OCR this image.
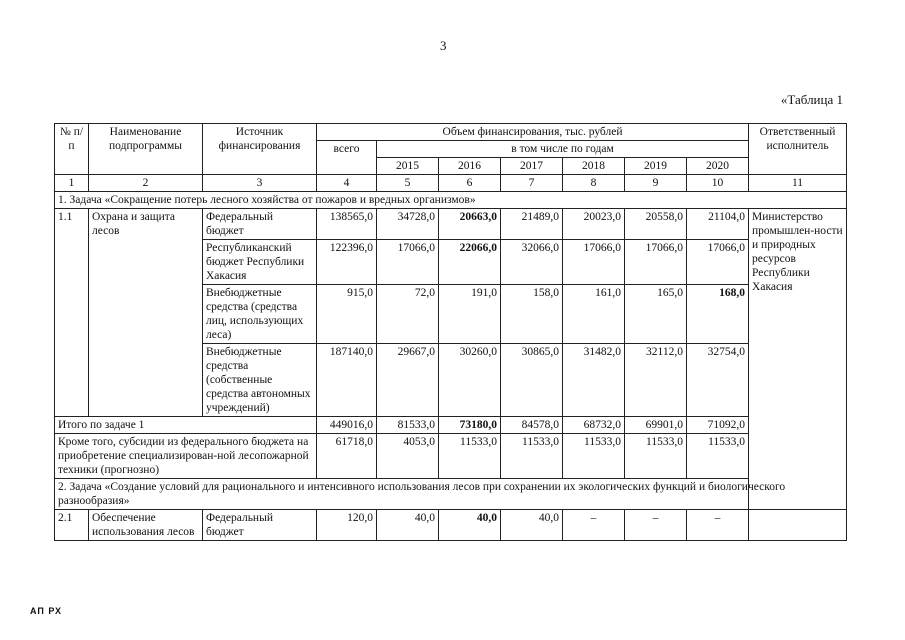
3
«Таблица 1
№ п/п	Наименование подпрограммы	Источник финансирования	Объем финансирования, тыс. рублей							Ответственный исполнитель
			всего	в том числе по годам						
				2015	2016	2017	2018	2019	2020	
1	2	3	4	5	6	7	8	9	10	11
1. Задача «Сокращение потерь лесного хозяйства от пожаров и вредных организмов»										
1.1	Охрана и защита лесов	Федеральный бюджет	138565,0	34728,0	20663,0	21489,0	20023,0	20558,0	21104,0	Министерство промышлен-ности и природных ресурсов Республики Хакасия
		Республиканский бюджет Республики Хакасия	122396,0	17066,0	22066,0	32066,0	17066,0	17066,0	17066,0	
		Внебюджетные средства (средства лиц, использующих леса)	915,0	72,0	191,0	158,0	161,0	165,0	168,0	
		Внебюджетные средства (собственные средства автономных учреждений)	187140,0	29667,0	30260,0	30865,0	31482,0	32112,0	32754,0	
Итого по задаче 1			449016,0	81533,0	73180,0	84578,0	68732,0	69901,0	71092,0	
Кроме того, субсидии из федерального бюджета на приобретение специализирован-ной лесопожарной техники (прогнозно)			61718,0	4053,0	11533,0	11533,0	11533,0	11533,0	11533,0	
2. Задача «Создание условий для рационального и интенсивного использования лесов при сохранении их экологических функций и биологического разнообразия»										
2.1	Обеспечение использования лесов	Федеральный бюджет	120,0	40,0	40,0	40,0	–	–	–	
АП РХ
